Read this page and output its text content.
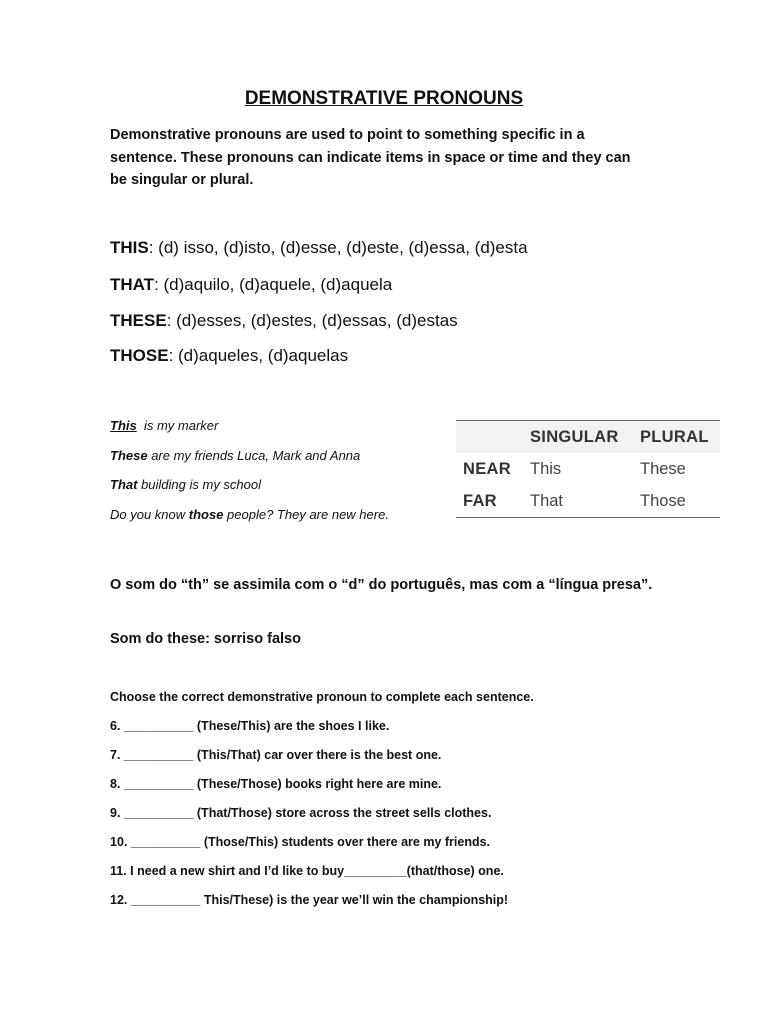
DEMONSTRATIVE PRONOUNS
Demonstrative pronouns are used to point to something specific in a sentence. These pronouns can indicate items in space or time and they can be singular or plural.
THIS: (d) isso, (d)isto, (d)esse, (d)este, (d)essa, (d)esta
THAT: (d)aquilo, (d)aquele, (d)aquela
THESE: (d)esses, (d)estes, (d)essas, (d)estas
THOSE: (d)aqueles, (d)aquelas
This  is my marker
These are my friends Luca, Mark and Anna
That building is my school
Do you know those people? They are new here.
	SINGULAR	PLURAL
NEAR	This	These
FAR	That	Those
O som do “th” se assimila com o “d” do português, mas com a “língua presa”.
Som do these: sorriso falso
Choose the correct demonstrative pronoun to complete each sentence.
6. __________ (These/This) are the shoes I like.
7. __________ (This/That) car over there is the best one.
8. __________ (These/Those) books right here are mine.
9. __________ (That/Those) store across the street sells clothes.
10. __________ (Those/This) students over there are my friends.
11. I need a new shirt and I’d like to buy_________(that/those) one.
12. __________ This/These) is the year we’ll win the championship!
